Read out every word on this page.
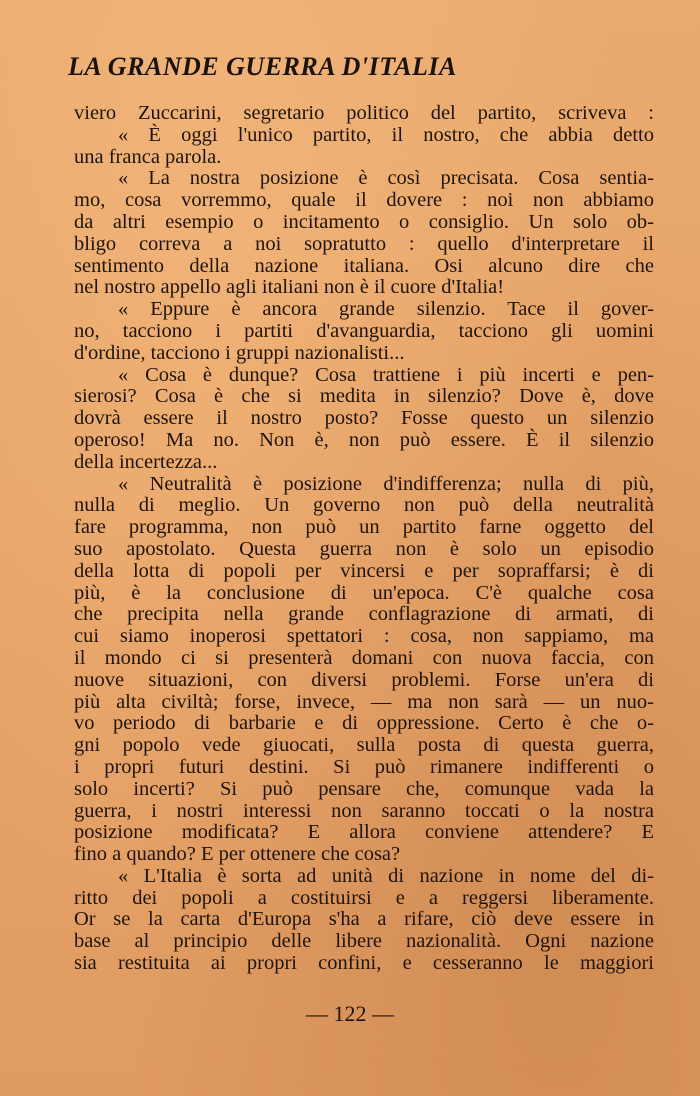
LA GRANDE GUERRA D'ITALIA
viero Zuccarini, segretario politico del partito, scriveva :
« È oggi l'unico partito, il nostro, che abbia detto
una franca parola.
« La nostra posizione è così precisata. Cosa sentia-
mo, cosa vorremmo, quale il dovere : noi non abbiamo
da altri esempio o incitamento o consiglio. Un solo ob-
bligo correva a noi sopratutto : quello d'interpretare il
sentimento della nazione italiana. Osi alcuno dire che
nel nostro appello agli italiani non è il cuore d'Italia!
« Eppure è ancora grande silenzio. Tace il gover-
no, tacciono i partiti d'avanguardia, tacciono gli uomini
d'ordine, tacciono i gruppi nazionalisti...
« Cosa è dunque? Cosa trattiene i più incerti e pen-
sierosi? Cosa è che si medita in silenzio? Dove è, dove
dovrà essere il nostro posto? Fosse questo un silenzio
operoso! Ma no. Non è, non può essere. È il silenzio
della incertezza...
« Neutralità è posizione d'indifferenza; nulla di più,
nulla di meglio. Un governo non può della neutralità
fare programma, non può un partito farne oggetto del
suo apostolato. Questa guerra non è solo un episodio
della lotta di popoli per vincersi e per sopraffarsi; è di
più, è la conclusione di un'epoca. C'è qualche cosa
che precipita nella grande conflagrazione di armati, di
cui siamo inoperosi spettatori : cosa, non sappiamo, ma
il mondo ci si presenterà domani con nuova faccia, con
nuove situazioni, con diversi problemi. Forse un'era di
più alta civiltà; forse, invece, — ma non sarà — un nuo-
vo periodo di barbarie e di oppressione. Certo è che o-
gni popolo vede giuocati, sulla posta di questa guerra,
i propri futuri destini. Si può rimanere indifferenti o
solo incerti? Si può pensare che, comunque vada la
guerra, i nostri interessi non saranno toccati o la nostra
posizione modificata? E allora conviene attendere? E
fino a quando? E per ottenere che cosa?
« L'Italia è sorta ad unità di nazione in nome del di-
ritto dei popoli a costituirsi e a reggersi liberamente.
Or se la carta d'Europa s'ha a rifare, ciò deve essere in
base al principio delle libere nazionalità. Ogni nazione
sia restituita ai propri confini, e cesseranno le maggiori
— 122 —
